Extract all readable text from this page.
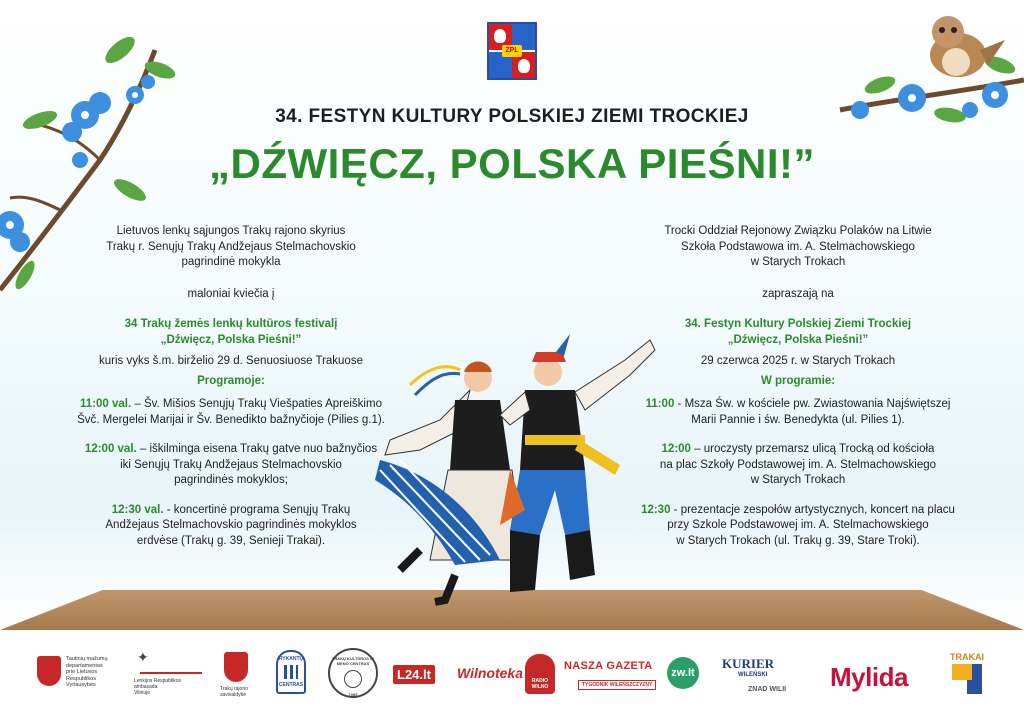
ZPL
34. FESTYN KULTURY POLSKIEJ ZIEMI TROCKIEJ
„DŹWIĘCZ, POLSKA PIEŚNI!”

Lietuvos lenkų sąjungos Trakų rajono skyrius

Trakų r. Senųjų Trakų Andžejaus Stelmachovskio

pagrindinė mokykla

maloniai kviečia į

34 Trakų žemės lenkų kultūros festivalį

„Dźwięcz, Polska Pieśni!”

kuris vyks š.m. birželio 29 d. Senuosiuose Trakuose

Programoje:

11:00 val. – Šv. Mišios Senųjų Trakų Viešpaties Apreiškimo

Švč. Mergelei Marijai ir Šv. Benedikto bažnyčioje (Pilies g.1).

12:00 val. – iškilminga eisena Trakų gatve nuo bažnyčios

iki Senųjų Trakų Andžejaus Stelmachovskio

pagrindinės mokyklos;

12:30 val. - koncertinė programa Senųjų Trakų

Andžejaus Stelmachovskio pagrindinės mokyklos

erdvėse (Trakų g. 39, Senieji Trakai).

Trocki Oddział Rejonowy Związku Polaków na Litwie

Szkoła Podstawowa im. A. Stelmachowskiego

w Starych Trokach

zapraszają na

34. Festyn Kultury Polskiej Ziemi Trockiej

„Dźwięcz, Polska Pieśni!”

29 czerwca 2025 r. w Starych Trokach

W programie:

11:00 - Msza Św. w kościele pw. Zwiastowania Najświętszej

Marii Pannie i św. Benedykta (ul. Pilies 1).

12:00 – uroczysty przemarsz ulicą Trocką od kościoła

na plac Szkoły Podstawowej im. A. Stelmachowskiego

w Starych Trokach

12:30 - prezentacje zespołów artystycznych, koncert na placu

przy Szkole Podstawowej im. A. Stelmachowskiego

w Starych Trokach (ul. Trakų g. 39, Stare Troki).

Tautinių mažumų
departamentas
prie Lietuvos
Respublikos
Vyriausybės
✦
Lenkijos Respublikos
ambasada
Vilniuje
Trakų rajono
savivaldybė
RYKANTŲ
CENTRAS
TRAKŲ KULTŪROS IR MENO CENTRAS
1985
L24.lt Wilnoteka	RADIO WILNO
NASZA GAZETA
TYGODNIK WILEŃSZCZYZNY
zw.lt
KURIER
WILEŃSKI
ZNAD WILII	Mylida
TRAKAI
